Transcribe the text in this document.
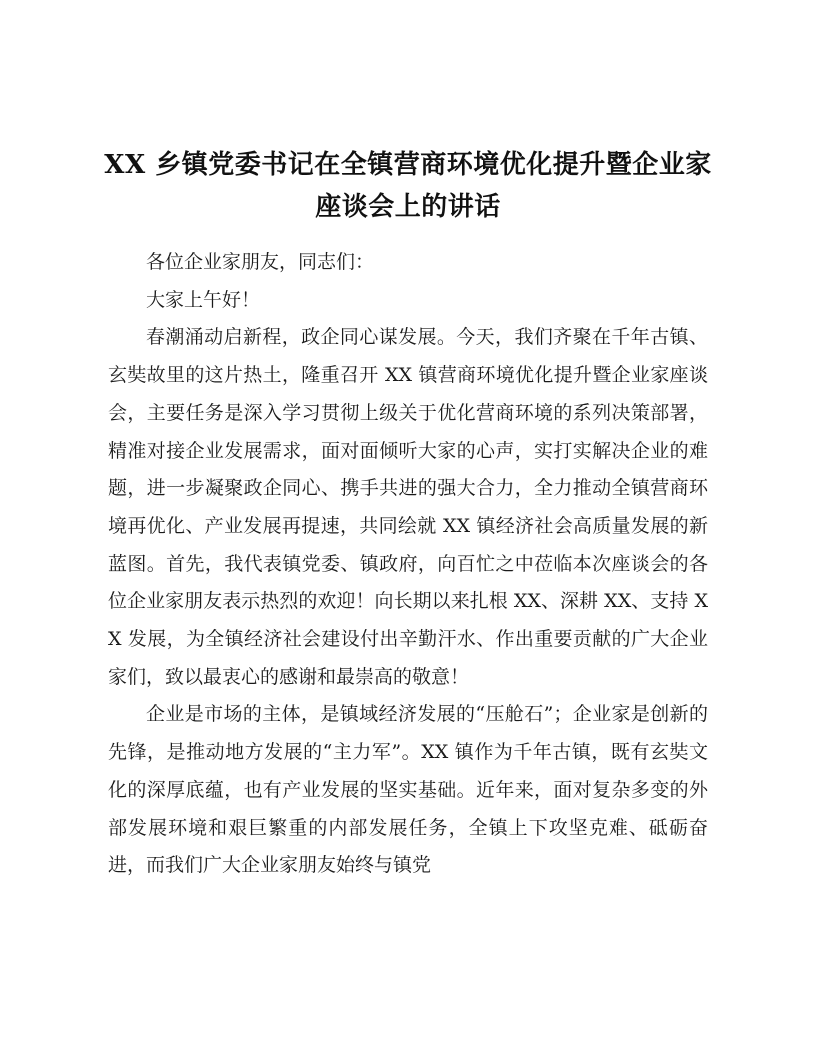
XX 乡镇党委书记在全镇营商环境优化提升暨企业家座谈会上的讲话

各位企业家朋友，同志们：

大家上午好！

春潮涌动启新程，政企同心谋发展。今天，我们齐聚在千年古镇、玄奘故里的这片热土，隆重召开 XX 镇营商环境优化提升暨企业家座谈会，主要任务是深入学习贯彻上级关于优化营商环境的系列决策部署，精准对接企业发展需求，面对面倾听大家的心声，实打实解决企业的难题，进一步凝聚政企同心、携手共进的强大合力，全力推动全镇营商环境再优化、产业发展再提速，共同绘就 XX 镇经济社会高质量发展的新蓝图。首先，我代表镇党委、镇政府，向百忙之中莅临本次座谈会的各位企业家朋友表示热烈的欢迎！向长期以来扎根 XX、深耕 XX、支持 XX 发展，为全镇经济社会建设付出辛勤汗水、作出重要贡献的广大企业家们，致以最衷心的感谢和最崇高的敬意！

企业是市场的主体，是镇域经济发展的“压舱石”；企业家是创新的先锋，是推动地方发展的“主力军”。XX 镇作为千年古镇，既有玄奘文化的深厚底蕴，也有产业发展的坚实基础。近年来，面对复杂多变的外部发展环境和艰巨繁重的内部发展任务，全镇上下攻坚克难、砥砺奋进，而我们广大企业家朋友始终与镇党
